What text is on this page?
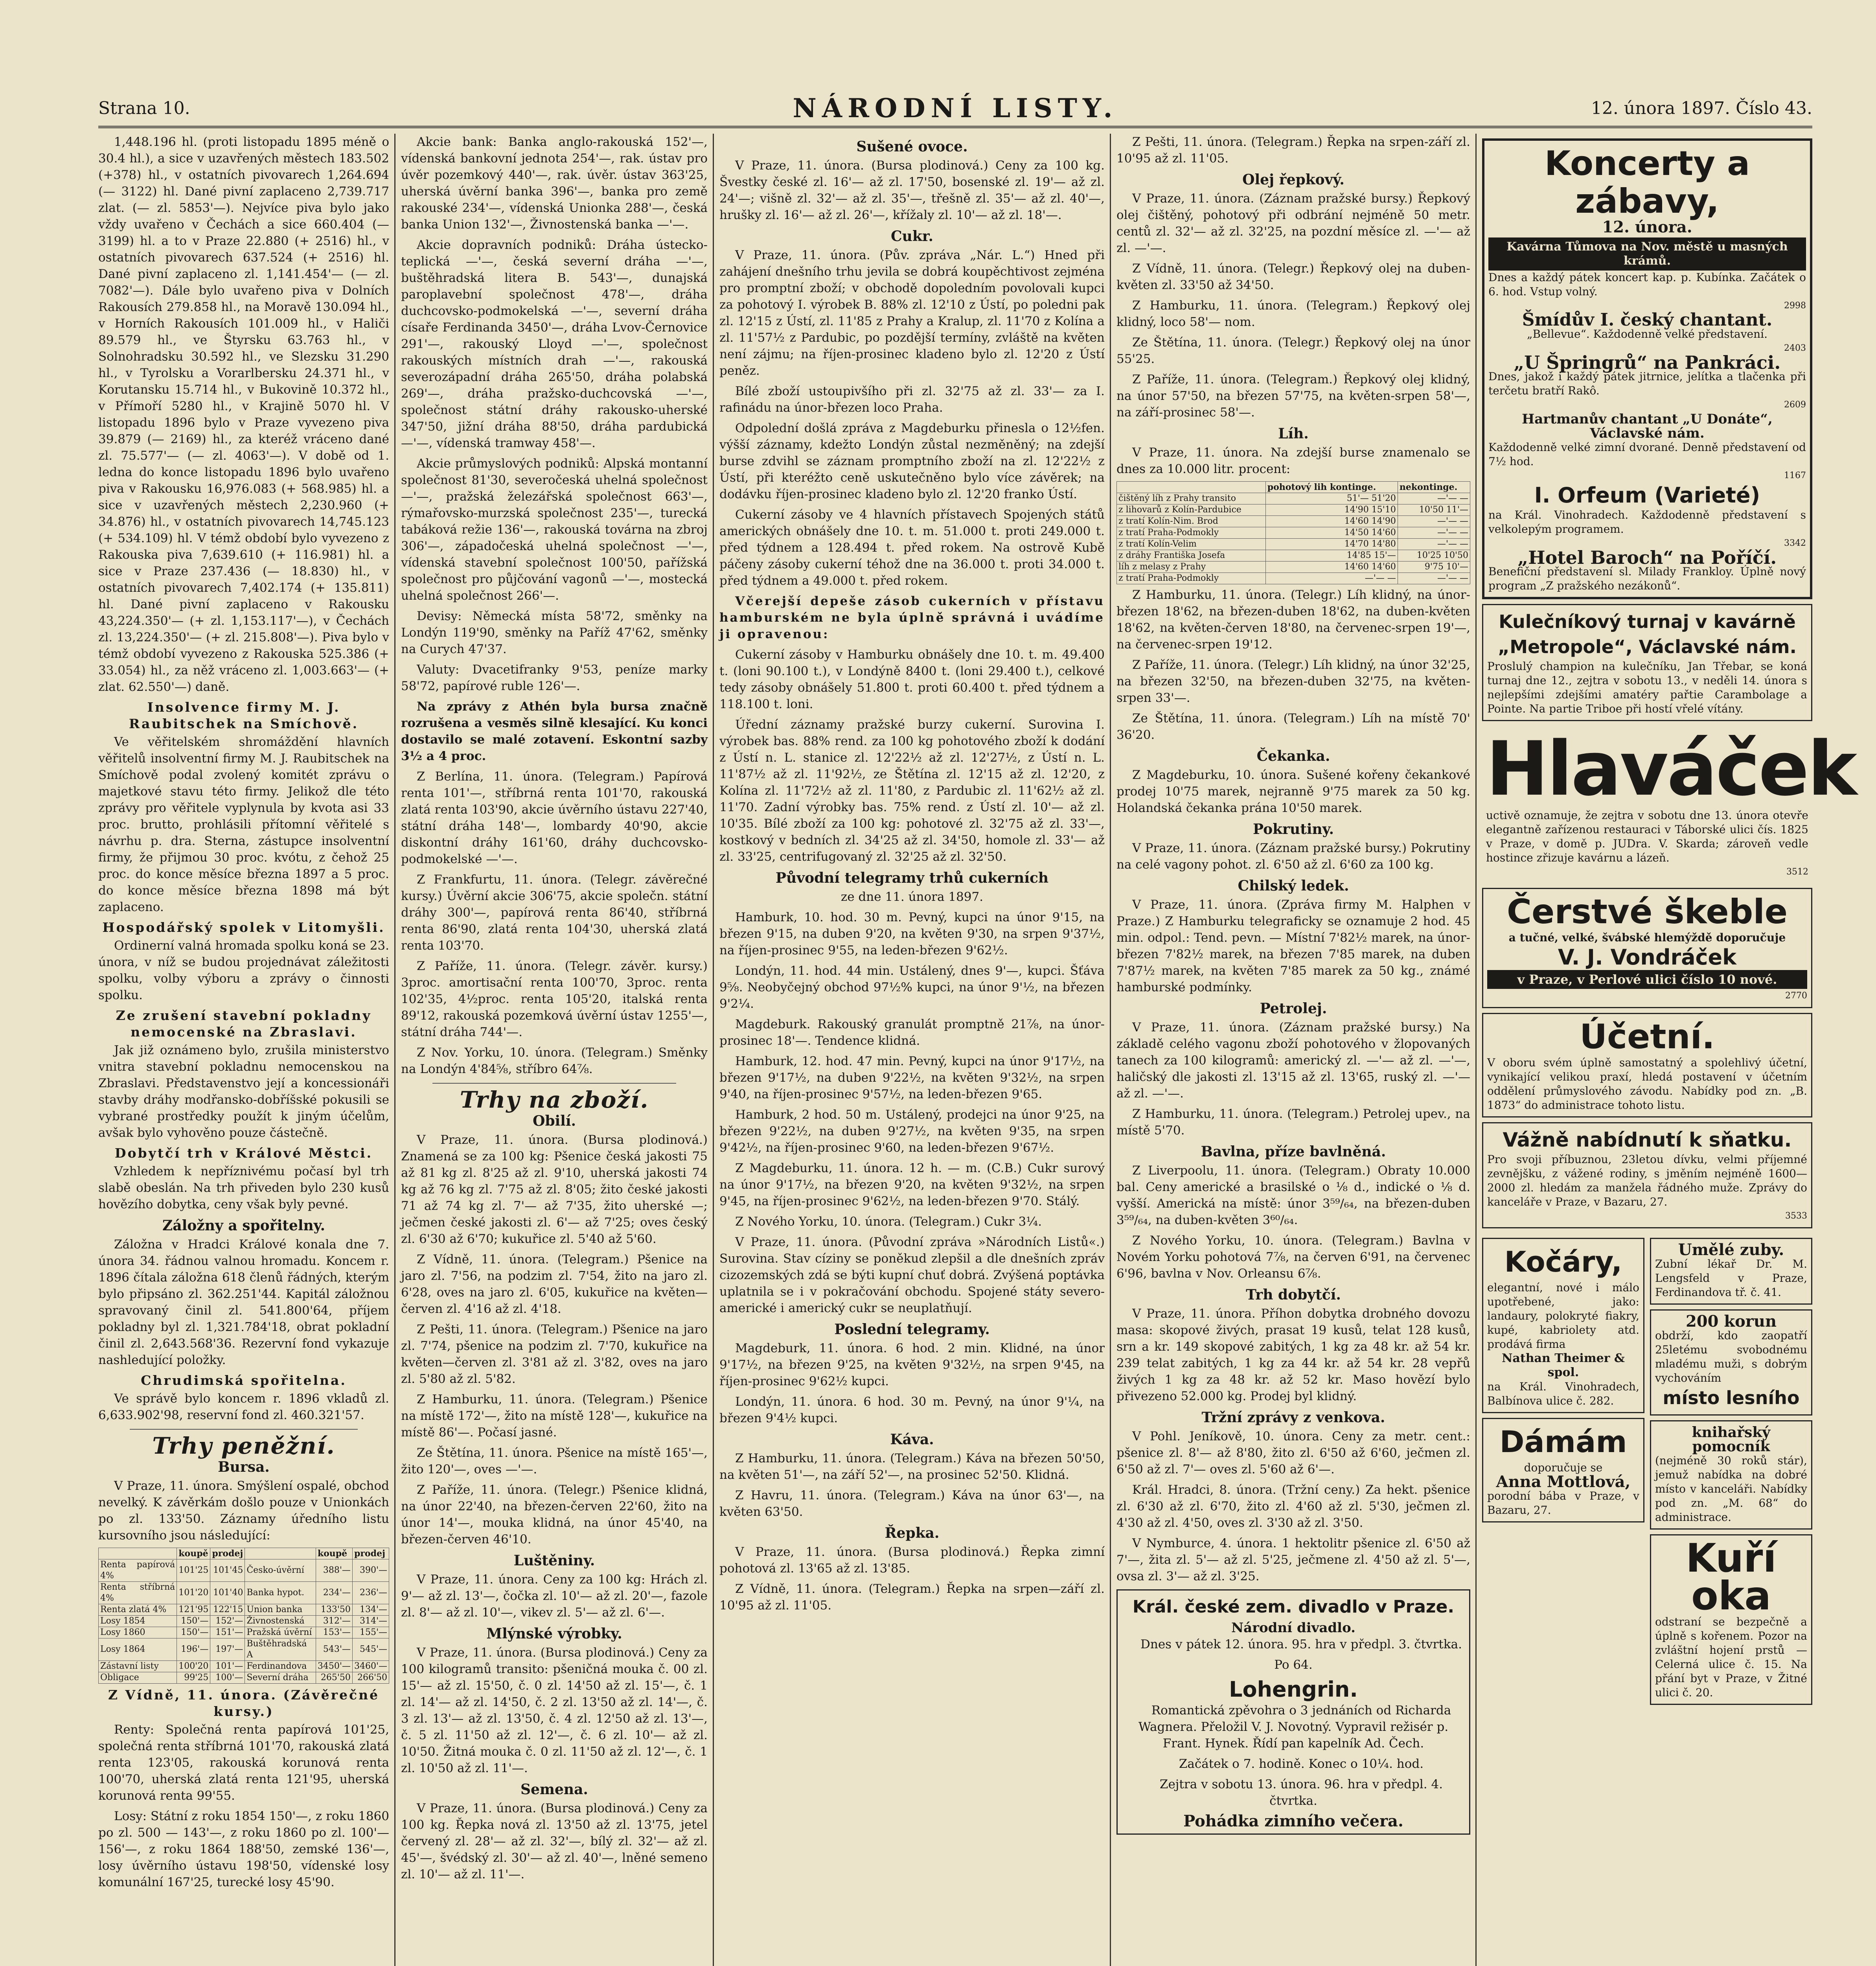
Strana 10.	NÁRODNÍ LISTY.	12. února 1897. Číslo 43.

1,448.196 hl. (proti listopadu 1895 méně o 30.4 hl.), a sice v uzavřených městech 183.502 (+378) hl., v ostatních pivovarech 1,264.694 (— 3122) hl. Dané pivní zaplaceno 2,739.717 zlat. (— zl. 5853'—). Nejvíce piva bylo jako vždy uvařeno v Čechách a sice 660.404 (— 3199) hl. a to v Praze 22.880 (+ 2516) hl., v ostatních pivovarech 637.524 (+ 2516) hl. Dané pivní zaplaceno zl. 1,141.454'— (— zl. 7082'—). Dále bylo uvařeno piva v Dolních Rakousích 279.858 hl., na Moravě 130.094 hl., v Horních Rakousích 101.009 hl., v Haliči 89.579 hl., ve Štyrsku 63.763 hl., v Solnohradsku 30.592 hl., ve Slezsku 31.290 hl., v Tyrolsku a Vorarlbersku 24.371 hl., v Korutansku 15.714 hl., v Bukovině 10.372 hl., v Přímoří 5280 hl., v Krajině 5070 hl. V listopadu 1896 bylo v Praze vyvezeno piva 39.879 (— 2169) hl., za kteréž vráceno dané zl. 75.577'— (— zl. 4063'—). V době od 1. ledna do konce listopadu 1896 bylo uvařeno piva v Rakousku 16,976.083 (+ 568.985) hl. a sice v uzavřených městech 2,230.960 (+ 34.876) hl., v ostatních pivovarech 14,745.123 (+ 534.109) hl. V témž období bylo vyvezeno z Rakouska piva 7,639.610 (+ 116.981) hl. a sice v Praze 237.436 (— 18.830) hl., v ostatních pivovarech 7,402.174 (+ 135.811) hl. Dané pivní zaplaceno v Rakousku 43,224.350'— (+ zl. 1,153.117'—), v Čechách zl. 13,224.350'— (+ zl. 215.808'—). Piva bylo v témž období vyvezeno z Rakouska 525.386 (+ 33.054) hl., za něž vráceno zl. 1,003.663'— (+ zlat. 62.550'—) daně.

Insolvence firmy M. J. Raubitschek na Smíchově.

Ve věřitelském shromáždění hlavních věřitelů insolventní firmy M. J. Raubitschek na Smíchově podal zvolený komitét zprávu o majetkové stavu této firmy. Jelikož dle této zprávy pro věřitele vyplynula by kvota asi 33 proc. brutto, prohlásili přítomní věřitelé s návrhu p. dra. Sterna, zástupce insolventní firmy, že přijmou 30 proc. kvótu, z čehož 25 proc. do konce měsíce března 1897 a 5 proc. do konce měsíce března 1898 má být zaplaceno.

Hospodářský spolek v Litomyšli.

Ordinerní valná hromada spolku koná se 23. února, v níž se budou projednávat záležitosti spolku, volby výboru a zprávy o činnosti spolku.

Ze zrušení stavební pokladny nemocenské na Zbraslavi.

Jak již oznámeno bylo, zrušila ministerstvo vnitra stavební pokladnu nemocenskou na Zbraslavi. Představenstvo její a koncessionáři stavby dráhy modřansko-dobříšské pokusili se vybrané prostředky použít k jiným účelům, avšak bylo vyhověno pouze částečně.

Dobytčí trh v Králové Městci.

Vzhledem k nepříznivému počasí byl trh slabě obeslán. Na trh přiveden bylo 230 kusů hovězího dobytka, ceny však byly pevné.

Záložny a spořitelny.

Záložna v Hradci Králové konala dne 7. února 34. řádnou valnou hromadu. Koncem r. 1896 čítala záložna 618 členů řádných, kterým bylo připsáno zl. 362.251'44. Kapitál záložnou spravovaný činil zl. 541.800'64, příjem pokladny byl zl. 1,321.784'18, obrat pokladní činil zl. 2,643.568'36. Rezervní fond vykazuje nashledující položky.

Chrudimská spořitelna.

Ve správě bylo koncem r. 1896 vkladů zl. 6,633.902'98, reservní fond zl. 460.321'57.

Trhy peněžní.
Bursa.

V Praze, 11. února. Smýšlení ospalé, obchod nevelký. K závěrkám došlo pouze v Unionkách po zl. 133'50. Záznamy úředního listu kursovního jsou následující:

	koupě	prodej		koupě	prodej
Renta papírová 4%	101'25	101'45	Česko-úvěrní	388'—	390'—
Renta stříbrná 4%	101'20	101'40	Banka hypot.	234'—	236'—
Renta zlatá 4%	121'95	122'15	Union banka	133'50	134'—
Losy 1854	150'—	152'—	Živnostenská	312'—	314'—
Losy 1860	150'—	151'—	Pražská úvěrní	153'—	155'—
Losy 1864	196'—	197'—	Buštěhradská A	543'—	545'—
Zástavní listy	100'20	101'—	Ferdinandova	3450'—	3460'—
Obligace	99'25	100'—	Severní dráha	265'50	266'50
Z Vídně, 11. února. (Závěrečné kursy.)

Renty: Společná renta papírová 101'25, společná renta stříbrná 101'70, rakouská zlatá renta 123'05, rakouská korunová renta 100'70, uherská zlatá renta 121'95, uherská korunová renta 99'55.

Losy: Státní z roku 1854 150'—, z roku 1860 po zl. 500 — 143'—, z roku 1860 po zl. 100'— 156'—, z roku 1864 188'50, zemské 136'—, losy úvěrního ústavu 198'50, vídenské losy komunální 167'25, turecké losy 45'90.

Akcie bank: Banka anglo-rakouská 152'—, vídenská bankovní jednota 254'—, rak. ústav pro úvěr pozemkový 440'—, rak. úvěr. ústav 363'25, uherská úvěrní banka 396'—, banka pro země rakouské 234'—, vídenská Unionka 288'—, česká banka Union 132'—, Živnostenská banka —'—.

Akcie dopravních podniků: Dráha ústecko-teplická —'—, česká severní dráha —'—, buštěhradská litera B. 543'—, dunajská paroplavební společnost 478'—, dráha duchcovsko-podmokelská —'—, severní dráha císaře Ferdinanda 3450'—, dráha Lvov-Černovice 291'—, rakouský Lloyd —'—, společnost rakouských místních drah —'—, rakouská severozápadní dráha 265'50, dráha polabská 269'—, dráha pražsko-duchcovská —'—, společnost státní dráhy rakousko-uherské 347'50, jižní dráha 88'50, dráha pardubická —'—, vídenská tramway 458'—.

Akcie průmyslových podniků: Alpská montanní společnost 81'30, severočeská uhelná společnost —'—, pražská železářská společnost 663'—, rýmařovsko-murzská společnost 235'—, turecká tabáková režie 136'—, rakouská továrna na zbroj 306'—, západočeská uhelná společnost —'—, vídenská stavební společnost 100'50, pařížská společnost pro půjčování vagonů —'—, mostecká uhelná společnost 266'—.

Devisy: Německá místa 58'72, směnky na Londýn 119'90, směnky na Paříž 47'62, směnky na Curych 47'37.

Valuty: Dvacetifranky 9'53, peníze marky 58'72, papírové ruble 126'—.

Na zprávy z Athén byla bursa značně rozrušena a vesměs silně klesající. Ku konci dostavilo se malé zotavení. Eskontní sazby 3½ a 4 proc.

Z Berlína, 11. února. (Telegram.) Papírová renta 101'—, stříbrná renta 101'70, rakouská zlatá renta 103'90, akcie úvěrního ústavu 227'40, státní dráha 148'—, lombardy 40'90, akcie diskontní dráhy 161'60, dráhy duchcovsko-podmokelské —'—.

Z Frankfurtu, 11. února. (Telegr. závěrečné kursy.) Úvěrní akcie 306'75, akcie společn. státní dráhy 300'—, papírová renta 86'40, stříbrná renta 86'90, zlatá renta 104'30, uherská zlatá renta 103'70.

Z Paříže, 11. února. (Telegr. závěr. kursy.) 3proc. amortisační renta 100'70, 3proc. renta 102'35, 4½proc. renta 105'20, italská renta 89'12, rakouská pozemková úvěrní ústav 1255'—, státní dráha 744'—.

Z Nov. Yorku, 10. února. (Telegram.) Směnky na Londýn 4'84⅝, stříbro 64⅞.

Trhy na zboží.
Obilí.

V Praze, 11. února. (Bursa plodinová.) Znamená se za 100 kg: Pšenice česká jakosti 75 až 81 kg zl. 8'25 až zl. 9'10, uherská jakosti 74 kg až 76 kg zl. 7'75 až zl. 8'05; žito české jakosti 71 až 74 kg zl. 7'— až 7'35, žito uherské —; ječmen české jakosti zl. 6'— až 7'25; oves český zl. 6'30 až 6'70; kukuřice zl. 5'40 až 5'60.

Z Vídně, 11. února. (Telegram.) Pšenice na jaro zl. 7'56, na podzim zl. 7'54, žito na jaro zl. 6'28, oves na jaro zl. 6'05, kukuřice na květen—červen zl. 4'16 až zl. 4'18.

Z Pešti, 11. února. (Telegram.) Pšenice na jaro zl. 7'74, pšenice na podzim zl. 7'70, kukuřice na květen—červen zl. 3'81 až zl. 3'82, oves na jaro zl. 5'80 až zl. 5'82.

Z Hamburku, 11. února. (Telegram.) Pšenice na místě 172'—, žito na místě 128'—, kukuřice na místě 86'—. Počasí jasné.

Ze Štětína, 11. února. Pšenice na místě 165'—, žito 120'—, oves —'—.

Z Paříže, 11. února. (Telegr.) Pšenice klidná, na únor 22'40, na březen-červen 22'60, žito na únor 14'—, mouka klidná, na únor 45'40, na březen-červen 46'10.

Luštěniny.

V Praze, 11. února. Ceny za 100 kg: Hrách zl. 9'— až zl. 13'—, čočka zl. 10'— až zl. 20'—, fazole zl. 8'— až zl. 10'—, vikev zl. 5'— až zl. 6'—.

Mlýnské výrobky.

V Praze, 11. února. (Bursa plodinová.) Ceny za 100 kilogramů transito: pšeničná mouka č. 00 zl. 15'— až zl. 15'50, č. 0 zl. 14'50 až zl. 15'—, č. 1 zl. 14'— až zl. 14'50, č. 2 zl. 13'50 až zl. 14'—, č. 3 zl. 13'— až zl. 13'50, č. 4 zl. 12'50 až zl. 13'—, č. 5 zl. 11'50 až zl. 12'—, č. 6 zl. 10'— až zl. 10'50. Žitná mouka č. 0 zl. 11'50 až zl. 12'—, č. 1 zl. 10'50 až zl. 11'—.

Semena.

V Praze, 11. února. (Bursa plodinová.) Ceny za 100 kg. Řepka nová zl. 13'50 až zl. 13'75, jetel červený zl. 28'— až zl. 32'—, bílý zl. 32'— až zl. 45'—, švédský zl. 30'— až zl. 40'—, lněné semeno zl. 10'— až zl. 11'—.

Sušené ovoce.

V Praze, 11. února. (Bursa plodinová.) Ceny za 100 kg. Švestky české zl. 16'— až zl. 17'50, bosenské zl. 19'— až zl. 24'—; višně zl. 32'— až zl. 35'—, třešně zl. 35'— až zl. 40'—, hrušky zl. 16'— až zl. 26'—, křížaly zl. 10'— až zl. 18'—.

Cukr.

V Praze, 11. února. (Pův. zpráva „Nár. L.“) Hned při zahájení dnešního trhu jevila se dobrá koupěchtivost zejména pro promptní zboží; v obchodě dopoledním povolovali kupci za pohotový I. výrobek B. 88% zl. 12'10 z Ústí, po poledni pak zl. 12'15 z Ústí, zl. 11'85 z Prahy a Kralup, zl. 11'70 z Kolína a zl. 11'57½ z Pardubic, po pozdější termíny, zvláště na květen není zájmu; na říjen-prosinec kladeno bylo zl. 12'20 z Ústí peněz.

Bílé zboží ustoupivšího při zl. 32'75 až zl. 33'— za I. rafinádu na únor-březen loco Praha.

Odpolední došlá zpráva z Magdeburku přinesla o 12½fen. výšší záznamy, kdežto Londýn zůstal nezměněný; na zdejší burse zdvihl se záznam promptního zboží na zl. 12'22½ z Ústí, při kteréžto ceně uskutečněno bylo více závěrek; na dodávku říjen-prosinec kladeno bylo zl. 12'20 franko Ústí.

Cukerní zásoby ve 4 hlavních přístavech Spojených států amerických obnášely dne 10. t. m. 51.000 t. proti 249.000 t. před týdnem a 128.494 t. před rokem. Na ostrově Kubě páčeny zásoby cukerní téhož dne na 36.000 t. proti 34.000 t. před týdnem a 49.000 t. před rokem.

Včerejší depeše zásob cukerních v přístavu hamburském ne byla úplně správná i uvádíme ji opravenou:

Cukerní zásoby v Hamburku obnášely dne 10. t. m. 49.400 t. (loni 90.100 t.), v Londýně 8400 t. (loni 29.400 t.), celkové tedy zásoby obnášely 51.800 t. proti 60.400 t. před týdnem a 118.100 t. loni.

Úřední záznamy pražské burzy cukerní. Surovina I. výrobek bas. 88% rend. za 100 kg pohotového zboží k dodání z Ústí n. L. stanice zl. 12'22½ až zl. 12'27½, z Ústí n. L. 11'87½ až zl. 11'92½, ze Štětína zl. 12'15 až zl. 12'20, z Kolína zl. 11'72½ až zl. 11'80, z Pardubic zl. 11'62½ až zl. 11'70. Zadní výrobky bas. 75% rend. z Ústí zl. 10'— až zl. 10'35. Bílé zboží za 100 kg: pohotové zl. 32'75 až zl. 33'—, kostkový v bedních zl. 34'25 až zl. 34'50, homole zl. 33'— až zl. 33'25, centrifugovaný zl. 32'25 až zl. 32'50.

Původní telegramy trhů cukerních

ze dne 11. února 1897.

Hamburk, 10. hod. 30 m. Pevný, kupci na únor 9'15, na březen 9'15, na duben 9'20, na květen 9'30, na srpen 9'37½, na říjen-prosinec 9'55, na leden-březen 9'62½.

Londýn, 11. hod. 44 min. Ustálený, dnes 9'—, kupci. Šťáva 9⅝. Neobyčejný obchod 97½% kupci, na únor 9'½, na březen 9'2¼.

Magdeburk. Rakouský granulát promptně 21⅞, na únor-prosinec 18'—. Tendence klidná.

Hamburk, 12. hod. 47 min. Pevný, kupci na únor 9'17½, na březen 9'17½, na duben 9'22½, na květen 9'32½, na srpen 9'40, na říjen-prosinec 9'57½, na leden-březen 9'65.

Hamburk, 2 hod. 50 m. Ustálený, prodejci na únor 9'25, na březen 9'22½, na duben 9'27½, na květen 9'35, na srpen 9'42½, na říjen-prosinec 9'60, na leden-březen 9'67½.

Z Magdeburku, 11. února. 12 h. — m. (C.B.) Cukr surový na únor 9'17½, na březen 9'20, na květen 9'32½, na srpen 9'45, na říjen-prosinec 9'62½, na leden-březen 9'70. Stálý.

Z Nového Yorku, 10. února. (Telegram.) Cukr 3¼.

V Praze, 11. února. (Původní zpráva »Národních Listů«.) Surovina. Stav cíziny se poněkud zlepšil a dle dnešních zpráv cizozemských zdá se býti kupní chuť dobrá. Zvýšená poptávka uplatnila se i v pokračování obchodu. Spojené státy severo-americké i americký cukr se neuplatňují.

Poslední telegramy.

Magdeburk, 11. února. 6 hod. 2 min. Klidné, na únor 9'17½, na březen 9'25, na květen 9'32½, na srpen 9'45, na říjen-prosinec 9'62½ kupci.

Londýn, 11. února. 6 hod. 30 m. Pevný, na únor 9'¼, na březen 9'4½ kupci.

Káva.

Z Hamburku, 11. února. (Telegram.) Káva na březen 50'50, na květen 51'—, na září 52'—, na prosinec 52'50. Klidná.

Z Havru, 11. února. (Telegram.) Káva na únor 63'—, na květen 63'50.

Řepka.

V Praze, 11. února. (Bursa plodinová.) Řepka zimní pohotová zl. 13'65 až zl. 13'85.

Z Vídně, 11. února. (Telegram.) Řepka na srpen—září zl. 10'95 až zl. 11'05.

Z Pešti, 11. února. (Telegram.) Řepka na srpen-září zl. 10'95 až zl. 11'05.

Olej řepkový.

V Praze, 11. února. (Záznam pražské bursy.) Řepkový olej čištěný, pohotový při odbrání nejméně 50 metr. centů zl. 32'— až zl. 32'25, na pozdní měsíce zl. —'— až zl. —'—.

Z Vídně, 11. února. (Telegr.) Řepkový olej na duben-květen zl. 33'50 až 34'50.

Z Hamburku, 11. února. (Telegram.) Řepkový olej klidný, loco 58'— nom.

Ze Štětína, 11. února. (Telegr.) Řepkový olej na únor 55'25.

Z Paříže, 11. února. (Telegram.) Řepkový olej klidný, na únor 57'50, na březen 57'75, na květen-srpen 58'—, na září-prosinec 58'—.

Líh.

V Praze, 11. února. Na zdejší burse znamenalo se dnes za 10.000 litr. procent:

	pohotový lih kontinge.	nekontinge.
čištěný líh z Prahy transito	51'— 51'20	—'— —
z lihovarů z Kolín-Pardubice	14'90 15'10	10'50 11'—
z tratí Kolín-Nim. Brod	14'60 14'90	—'— —
z tratí Praha-Podmokly	14'50 14'60	—'— —
z tratí Kolín-Velim	14'70 14'80	—'— —
z dráhy Františka Josefa	14'85 15'—	10'25 10'50
líh z melasy z Prahy	14'60 14'60	9'75 10'—
z tratí Praha-Podmokly	—'— —	—'— —

Z Hamburku, 11. února. (Telegr.) Líh klidný, na únor-březen 18'62, na březen-duben 18'62, na duben-květen 18'62, na květen-červen 18'80, na červenec-srpen 19'—, na červenec-srpen 19'12.

Z Paříže, 11. února. (Telegr.) Líh klidný, na únor 32'25, na březen 32'50, na březen-duben 32'75, na květen-srpen 33'—.

Ze Štětína, 11. února. (Telegram.) Líh na místě 70' 36'20.

Čekanka.

Z Magdeburku, 10. února. Sušené kořeny čekankové prodej 10'75 marek, nejranně 9'75 marek za 50 kg. Holandská čekanka prána 10'50 marek.

Pokrutiny.

V Praze, 11. února. (Záznam pražské bursy.) Pokrutiny na celé vagony pohot. zl. 6'50 až zl. 6'60 za 100 kg.

Chilský ledek.

V Praze, 11. února. (Zpráva firmy M. Halphen v Praze.) Z Hamburku telegraficky se oznamuje 2 hod. 45 min. odpol.: Tend. pevn. — Místní 7'82½ marek, na únor-březen 7'82½ marek, na březen 7'85 marek, na duben 7'87½ marek, na květen 7'85 marek za 50 kg., známé hamburské podmínky.

Petrolej.

V Praze, 11. února. (Záznam pražské bursy.) Na základě celého vagonu zboží pohotového v žlopovaných tanech za 100 kilogramů: americký zl. —'— až zl. —'—, haličský dle jakosti zl. 13'15 až zl. 13'65, ruský zl. —'— až zl. —'—.

Z Hamburku, 11. února. (Telegram.) Petrolej upev., na místě 5'70.

Bavlna, příze bavlněná.

Z Liverpoolu, 11. února. (Telegram.) Obraty 10.000 bal. Ceny americké a brasilské o ⅛ d., indické o ⅛ d. vyšší. Americká na místě: únor 3⁵⁹/₆₄, na březen-duben 3⁵⁹/₆₄, na duben-květen 3⁶⁰/₆₄.

Z Nového Yorku, 10. února. (Telegram.) Bavlna v Novém Yorku pohotová 7⅞, na červen 6'91, na červenec 6'96, bavlna v Nov. Orleansu 6⅞.

Trh dobytčí.

V Praze, 11. února. Příhon dobytka drobného dovozu masa: skopové živých, prasat 19 kusů, telat 128 kusů, srn a kr. 149 skopové zabitých, 1 kg za 48 kr. až 54 kr. 239 telat zabitých, 1 kg za 44 kr. až 54 kr. 28 vepřů živých 1 kg za 48 kr. až 52 kr. Maso hovězí bylo přivezeno 52.000 kg. Prodej byl klidný.

Tržní zprávy z venkova.

V Pohl. Jeníkově, 10. února. Ceny za metr. cent.: pšenice zl. 8'— až 8'80, žito zl. 6'50 až 6'60, ječmen zl. 6'50 až zl. 7'— oves zl. 5'60 až 6'—.

Král. Hradci, 8. února. (Tržní ceny.) Za hekt. pšenice zl. 6'30 až zl. 6'70, žito zl. 4'60 až zl. 5'30, ječmen zl. 4'30 až zl. 4'50, oves zl. 3'30 až zl. 3'50.

V Nymburce, 4. února. 1 hektolitr pšenice zl. 6'50 až 7'—, žita zl. 5'— až zl. 5'25, ječmene zl. 4'50 až zl. 5'—, ovsa zl. 3'— až zl. 3'25.

Král. české zem. divadlo v Praze.
Národní divadlo.

Dnes v pátek 12. února. 95. hra v předpl. 3. čtvrtka.

Po 64.

Lohengrin.

Romantická zpěvohra o 3 jednáních od Richarda Wagnera. Přeložil V. J. Novotný. Vypravil režisér p. Frant. Hynek. Řídí pan kapelník Ad. Čech.

Začátek o 7. hodině. Konec o 10¼. hod.

Zejtra v sobotu 13. února. 96. hra v předpl. 4. čtvrtka.

Pohádka zimního večera.
Koncerty a zábavy,
12. února.
Kavárna Tůmova na Nov. městě u masných krámů.
Dnes a každý pátek koncert kap. p. Kubínka. Začátek o 6. hod. Vstup volný.
2998
Šmídův I. český chantant.
„Bellevue“. Každodenně velké představení.
2403
„U Špringrů“ na Pankráci.
Dnes, jakož i každý pátek jitrnice, jelítka a tlačenka při terčetu bratří Rakô.
2609
Hartmanův chantant „U Donáte“, Václavské nám.
Každodenně velké zimní dvorané. Denně představení od 7½ hod.
1167
I. Orfeum (Varieté)
na Král. Vinohradech. Každodenně představení s velkolepým programem.
3342
„Hotel Baroch“ na Poříčí.
Benefiční představení sl. Milady Frankloy. Úplně nový program „Z pražského nezákonů“.
Kulečníkový turnaj v kavárně „Metropole“, Václavské nám.
Proslulý champion na kulečníku, Jan Třebar, se koná turnaj dne 12., zejtra v sobotu 13., v neděli 14. února s nejlepšími zdejšími amatéry pařtie Carambolage a Pointe. Na partie Triboe při hostí vřelé vítány.
Hlaváček
uctivě oznamuje, že zejtra v sobotu dne 13. února otevře elegantně zařízenou restauraci v Táborské ulici čís. 1825 v Praze, v domě p. JUDra. V. Skarda; zároveň vedle hostince zřizuje kavárnu a lázeň.
3512
Čerstvé škeble
a tučné, velké, švábské hlemýždě doporučuje
V. J. Vondráček
v Praze, v Perlové ulici číslo 10 nové.
2770
Účetní.
V oboru svém úplně samostatný a spolehlivý účetní, vynikající velikou praxí, hledá postavení v účetním oddělení průmyslového závodu. Nabídky pod zn. „B. 1873“ do administrace tohoto listu.
Vážně nabídnutí k sňatku.
Pro svoji příbuznou, 23letou dívku, velmi příjemné zevnějšku, z vážené rodiny, s jměním nejméně 1600—2000 zl. hledám za manžela řádného muže. Zprávy do kanceláře v Praze, v Bazaru, 27.
3533
Kočáry,
elegantní, nové i málo upotřebené, jako: landaury, polokryté fiakry, kupé, kabriolety atd. prodává firma
Nathan Theimer & spol.
na Král. Vinohradech, Balbínova ulice č. 282.
Dámám
doporučuje se
Anna Mottlová,
porodní bába v Praze, v Bazaru, 27.
Umělé zuby.
Zubní lékař Dr. M. Lengsfeld v Praze, Ferdinandova tř. č. 41.
200 korun
obdrží, kdo zaopatří 25letému svobodnému mladému muži, s dobrým vychováním
místo lesního
knihařský pomocník
(nejméně 30 roků stár), jemuž nabídka na dobré místo v kanceláři. Nabídky pod zn. „M. 68“ do administrace.
Kuří oka
odstraní se bezpečně a úplně s kořenem. Pozor na zvláštní hojení prstů — Celerná ulice č. 15. Na přání byt v Praze, v Žitné ulici č. 20.
